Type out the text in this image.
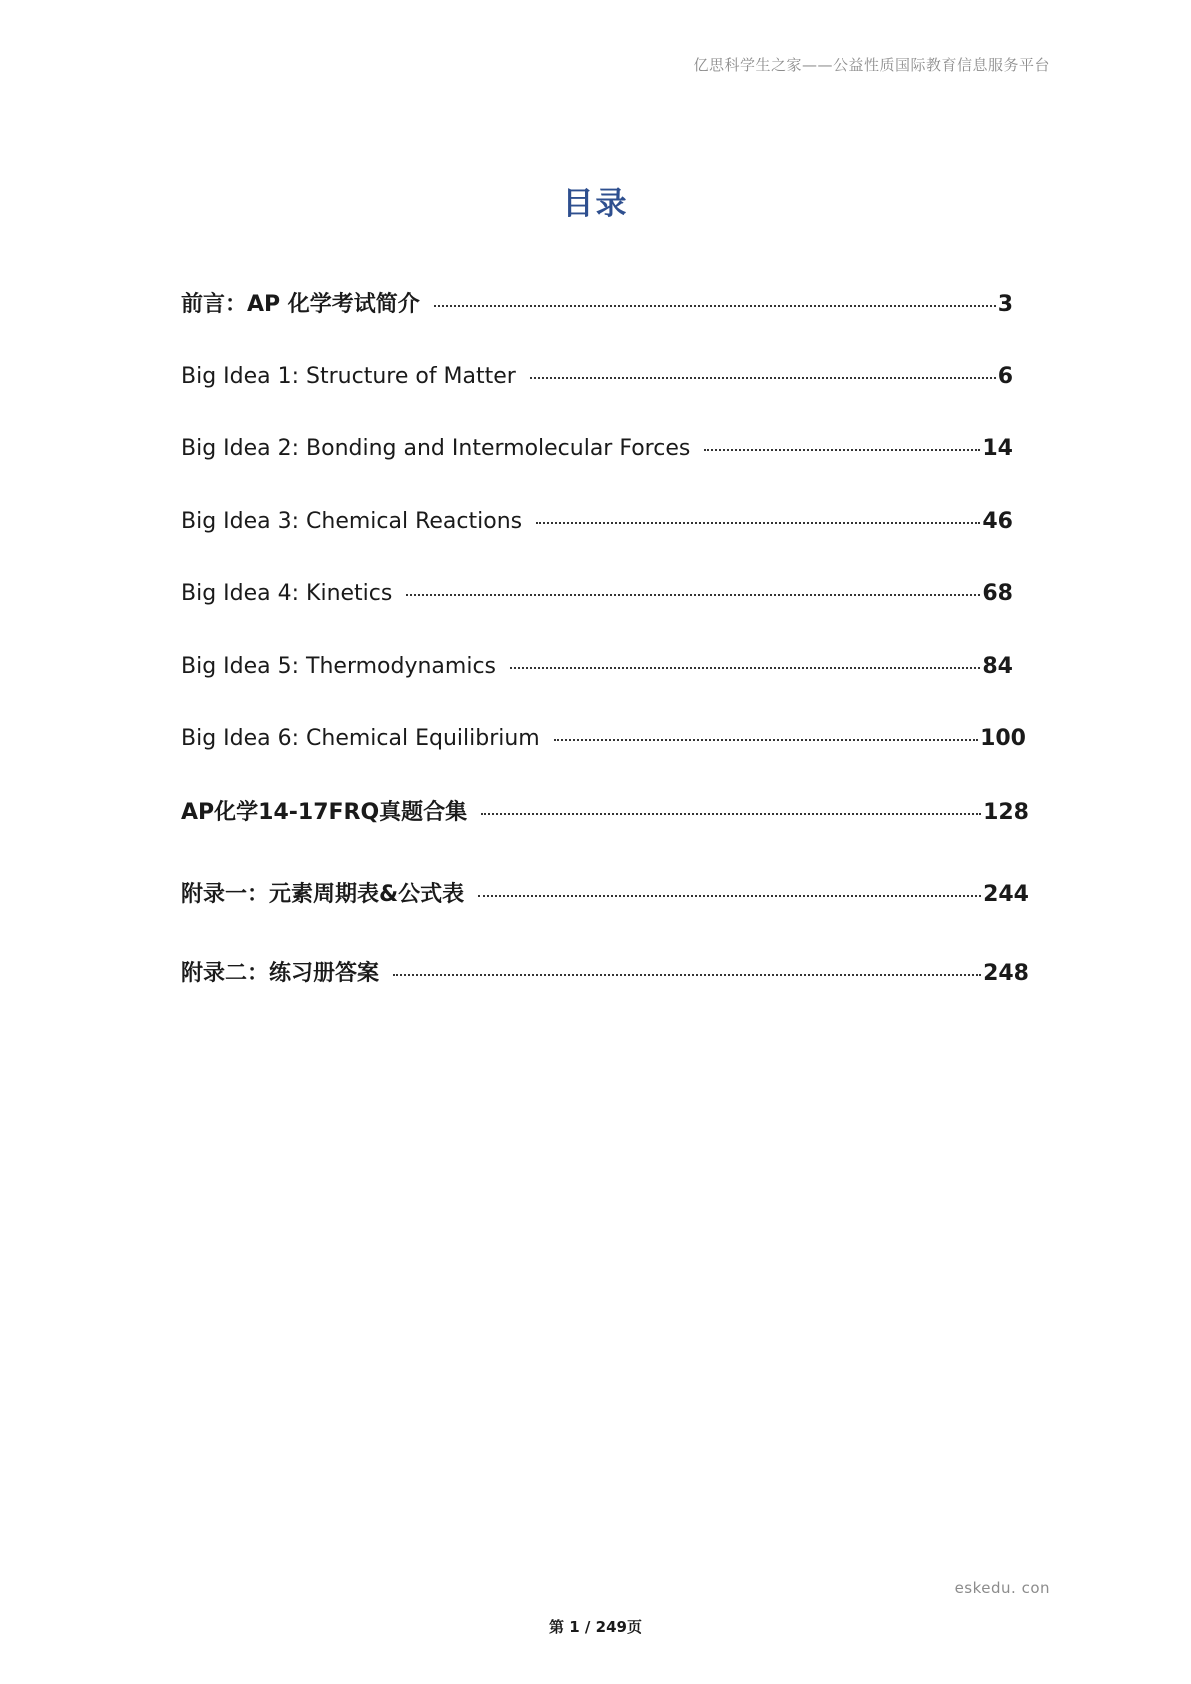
亿思科学生之家——公益性质国际教育信息服务平台
目录
前言：AP 化学考试简介	3
Big Idea 1: Structure of Matter	6
Big Idea 2: Bonding and Intermolecular Forces	14
Big Idea 3: Chemical Reactions	46
Big Idea 4: Kinetics	68
Big Idea 5: Thermodynamics	84
Big Idea 6: Chemical Equilibrium	100
AP化学14-17FRQ真题合集	128
附录一：元素周期表&公式表	244
附录二：练习册答案	248
eskedu. con
第 1 / 249页
